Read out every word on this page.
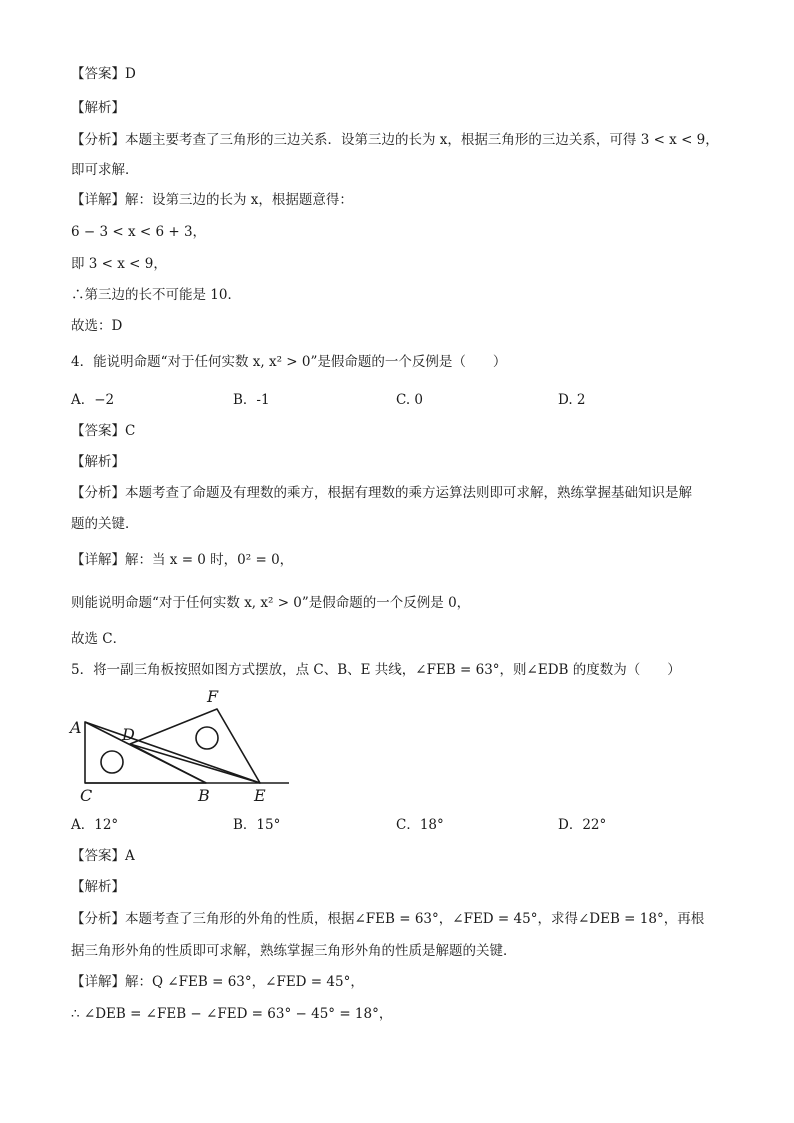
【答案】D

【解析】

【分析】本题主要考查了三角形的三边关系．设第三边的长为 x，根据三角形的三边关系，可得 3 < x < 9，

即可求解．

【详解】解：设第三边的长为 x，根据题意得：

6 − 3 < x < 6 + 3，

即 3 < x < 9，

∴第三边的长不可能是 10．

故选：D

4．能说明命题“对于任何实数 x, x² > 0”是假命题的一个反例是（　　）

A．−2	B．-1	C. 0	D. 2

【答案】C

【解析】

【分析】本题考查了命题及有理数的乘方，根据有理数的乘方运算法则即可求解，熟练掌握基础知识是解

题的关键．

【详解】解：当 x = 0 时，0² = 0，

则能说明命题“对于任何实数 x, x² > 0”是假命题的一个反例是 0，

故选 C．

5．将一副三角板按照如图方式摆放，点 C、B、E 共线，∠FEB = 63°，则∠EDB 的度数为（　　）

A	D
F
C	B	E
A．12°	B．15°	C．18°	D．22°

【答案】A

【解析】

【分析】本题考查了三角形的外角的性质，根据∠FEB = 63°，∠FED = 45°，求得∠DEB = 18°，再根

据三角形外角的性质即可求解，熟练掌握三角形外角的性质是解题的关键．

【详解】解：Q ∠FEB = 63°，∠FED = 45°，

∴ ∠DEB = ∠FEB − ∠FED = 63° − 45° = 18°，
